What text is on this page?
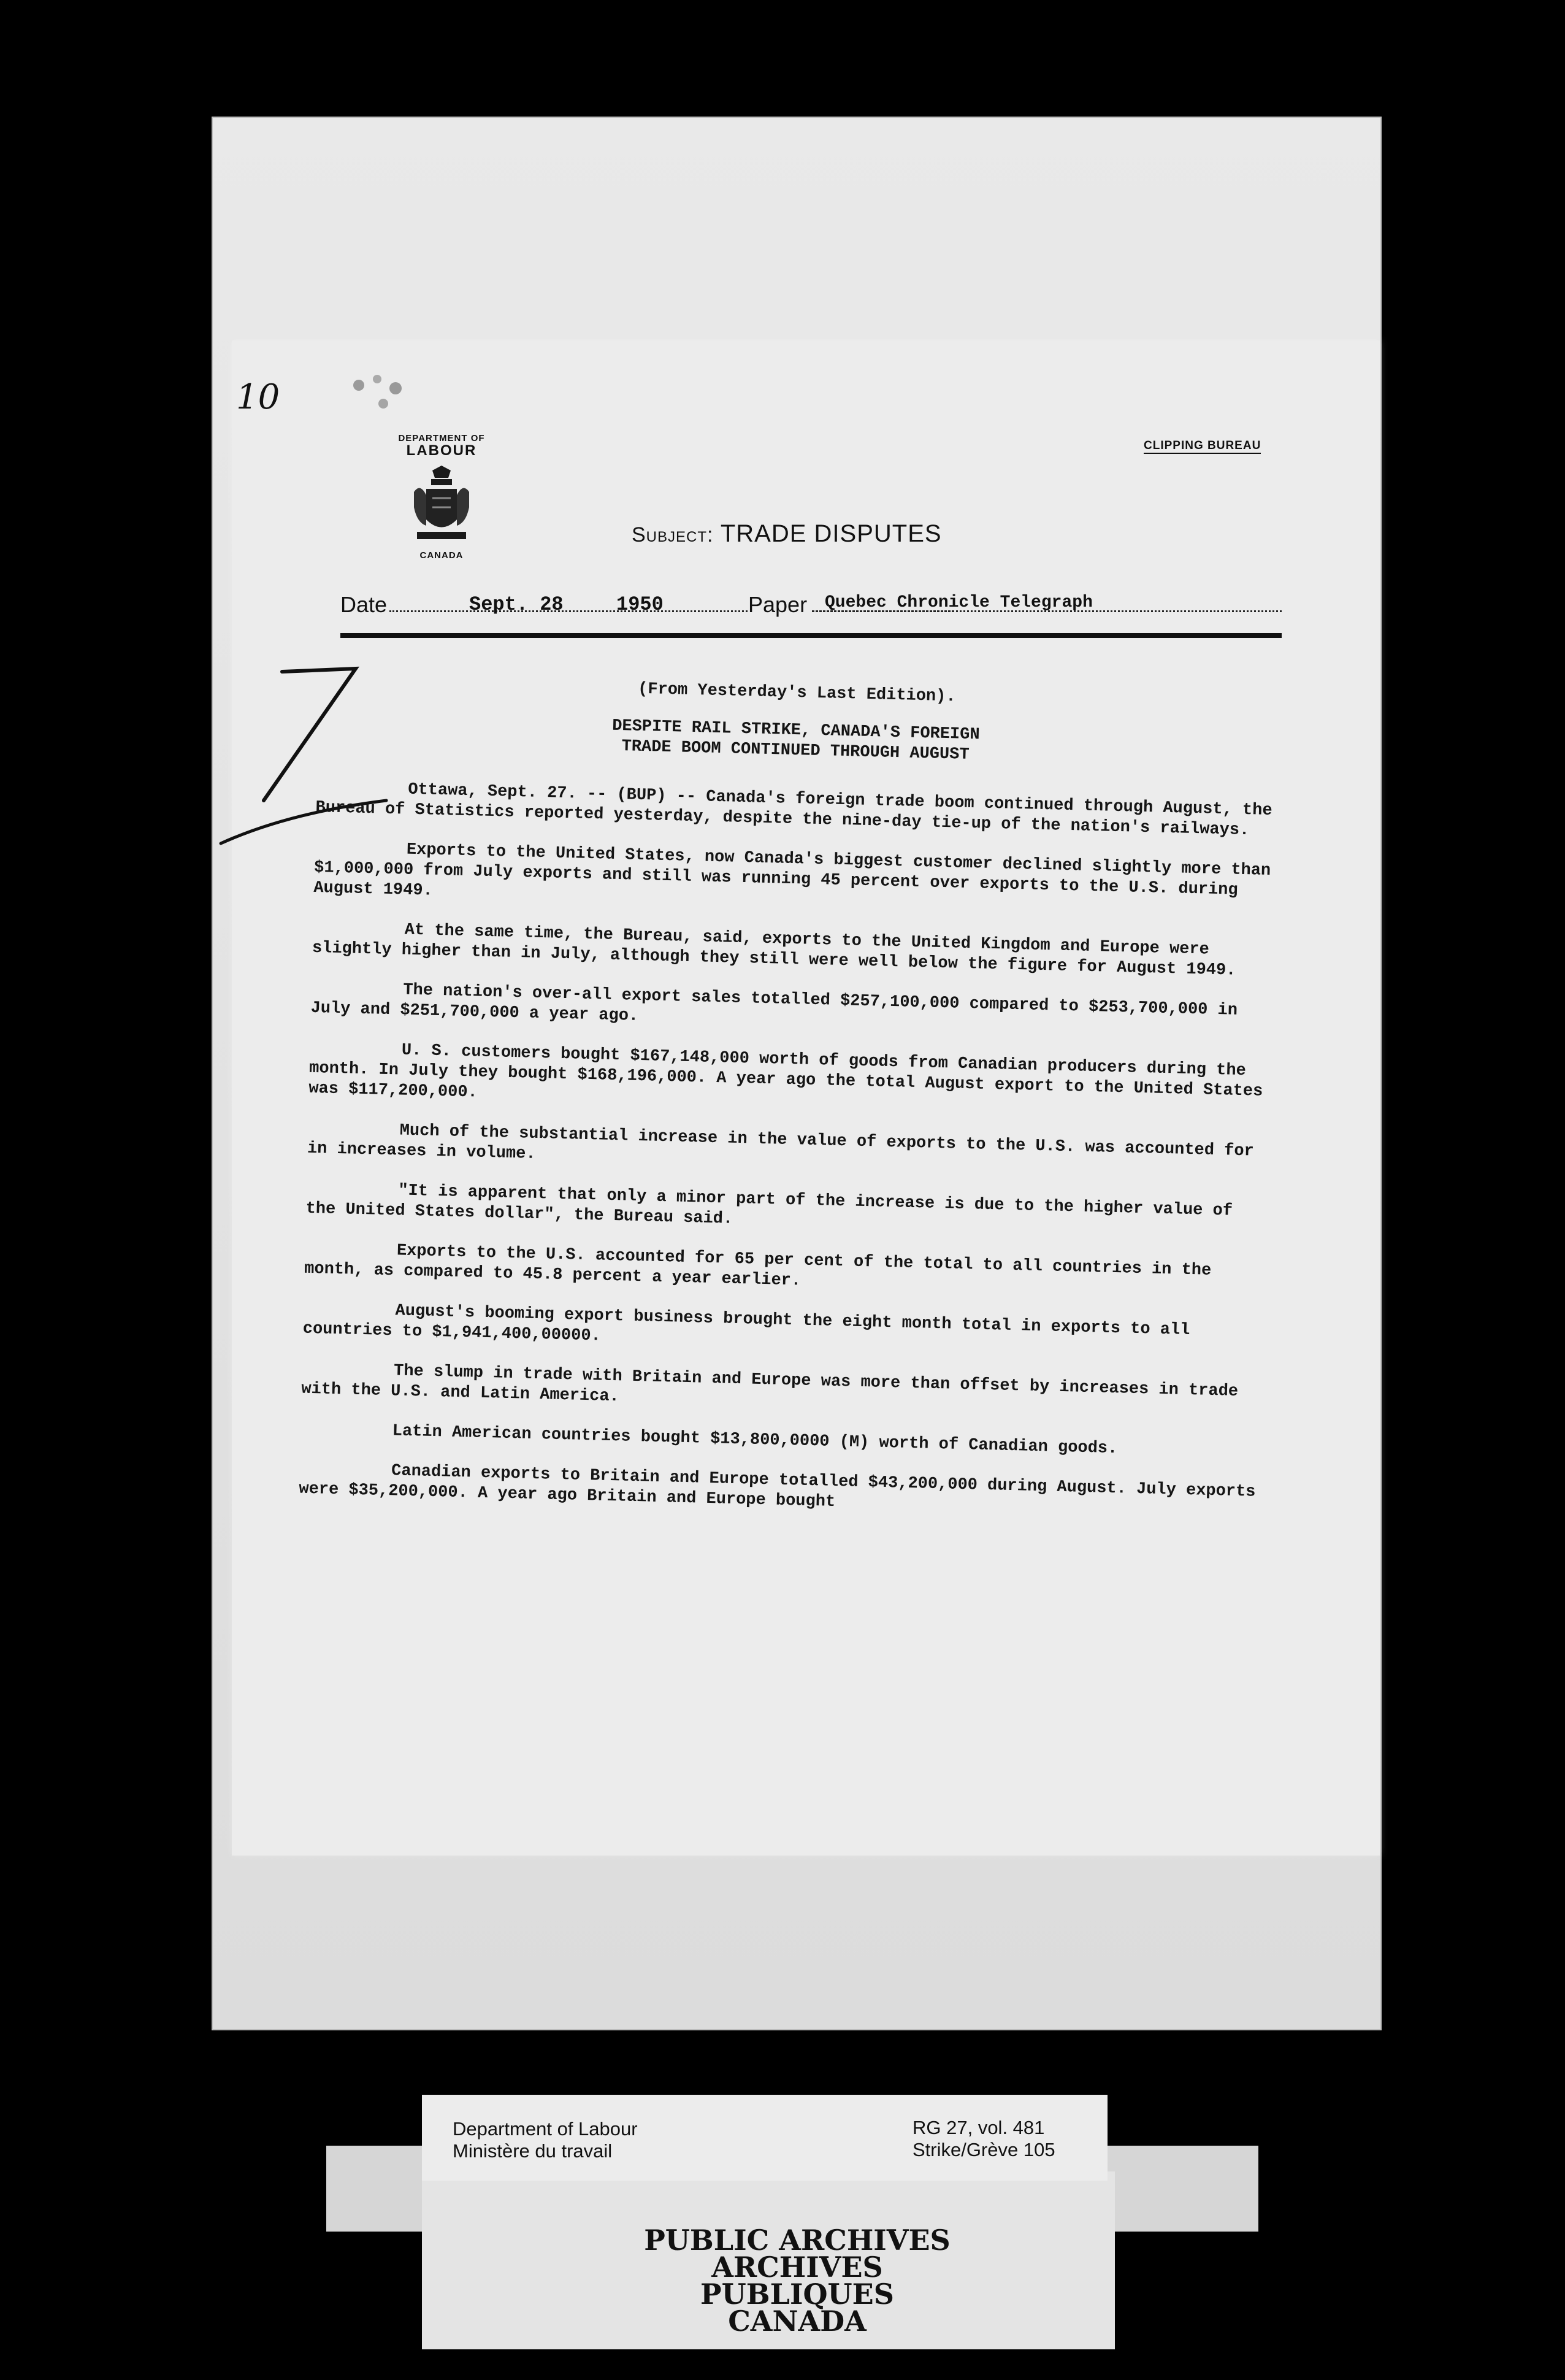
10
DEPARTMENT OF
LABOUR
CANADA
CLIPPING BUREAU
Subject: TRADE DISPUTES
Date	Sept. 28	1950	Paper Quebec Chronicle Telegraph

(From Yesterday's Last Edition).

DESPITE RAIL STRIKE, CANADA'S FOREIGN
TRADE BOOM CONTINUED THROUGH AUGUST

Ottawa, Sept. 27. -- (BUP) -- Canada's foreign trade boom continued through August, the Bureau of Statistics reported yesterday, despite the nine-day tie-up of the nation's railways.

Exports to the United States, now Canada's biggest customer declined slightly more than $1,000,000 from July exports and still was running 45 percent over exports to the U.S. during August 1949.

At the same time, the Bureau, said, exports to the United Kingdom and Europe were slightly higher than in July, although they still were well below the figure for August 1949.

The nation's over-all export sales totalled $257,100,000 compared to $253,700,000 in July and $251,700,000 a year ago.

U. S. customers bought $167,148,000 worth of goods from Canadian producers during the month. In July they bought $168,196,000. A year ago the total August export to the United States was $117,200,000.

Much of the substantial increase in the value of exports to the U.S. was accounted for in increases in volume.

"It is apparent that only a minor part of the increase is due to the higher value of the United States dollar", the Bureau said.

Exports to the U.S. accounted for 65 per cent of the total to all countries in the month, as compared to 45.8 percent a year earlier.

August's booming export business brought the eight month total in exports to all countries to $1,941,400,00000.

The slump in trade with Britain and Europe was more than offset by increases in trade with the U.S. and Latin America.

Latin American countries bought $13,800,0000 (M) worth of Canadian goods.

Canadian exports to Britain and Europe totalled $43,200,000 during August. July exports were $35,200,000. A year ago Britain and Europe bought

Department of Labour
Ministère du travail
RG 27, vol. 481
Strike/Grève 105
PUBLIC ARCHIVES
ARCHIVES PUBLIQUES
CANADA
